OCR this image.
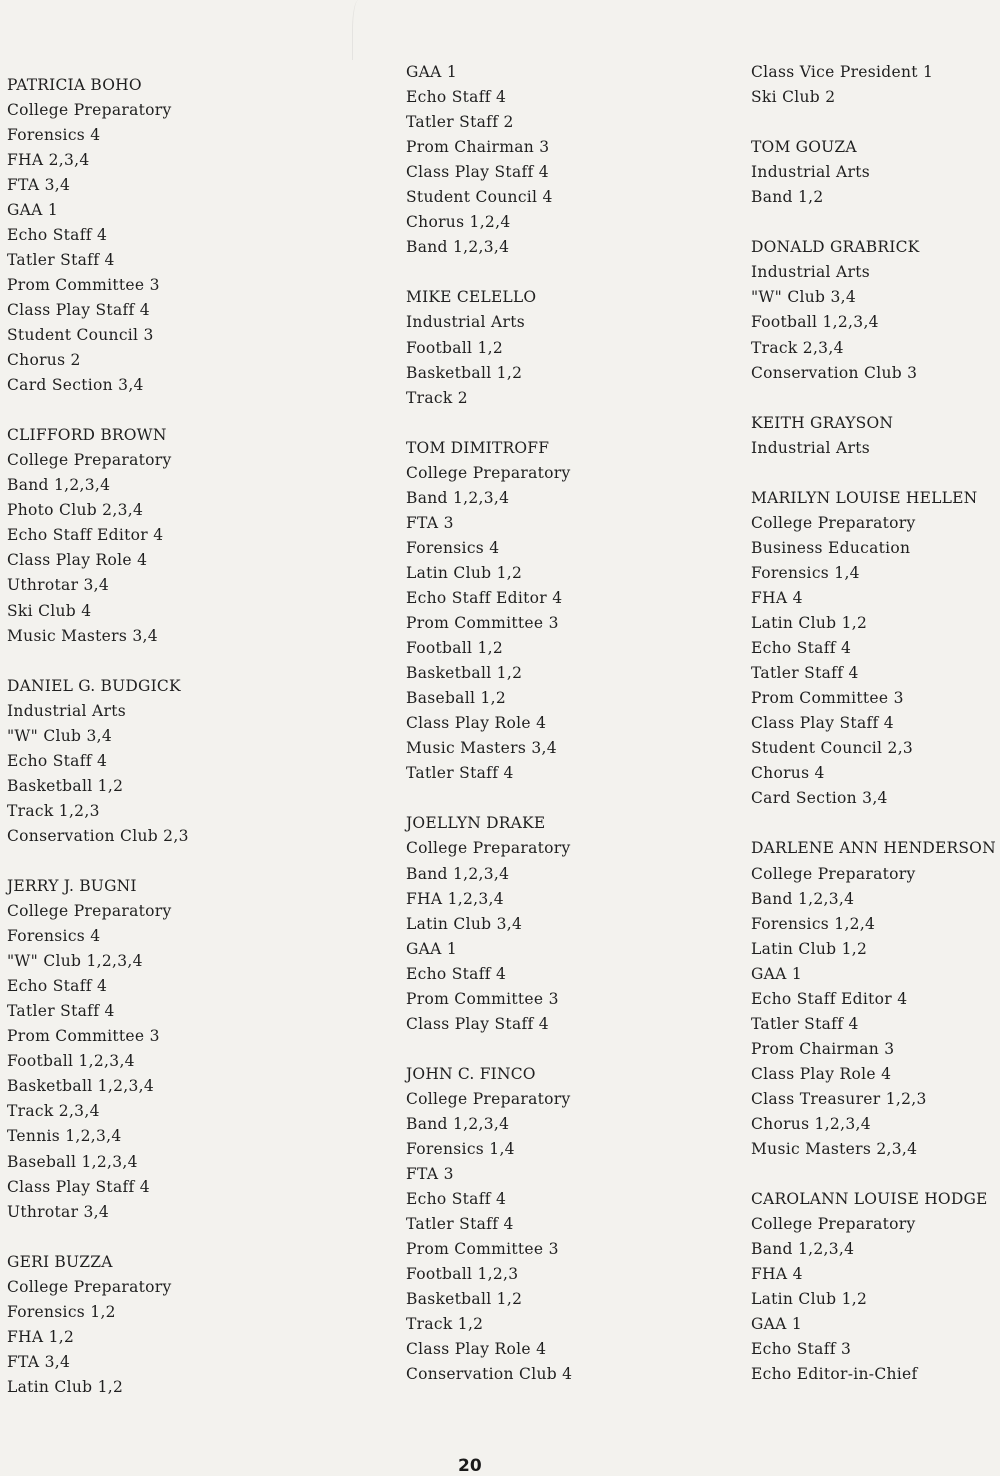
PATRICIA BOHO
College Preparatory
Forensics 4
FHA 2,3,4
FTA 3,4
GAA 1
Echo Staff 4
Tatler Staff 4
Prom Committee 3
Class Play Staff 4
Student Council 3
Chorus 2
Card Section 3,4
CLIFFORD BROWN
College Preparatory
Band 1,2,3,4
Photo Club 2,3,4
Echo Staff Editor 4
Class Play Role 4
Uthrotar 3,4
Ski Club 4
Music Masters 3,4
DANIEL G. BUDGICK
Industrial Arts
"W" Club 3,4
Echo Staff 4
Basketball 1,2
Track 1,2,3
Conservation Club 2,3
JERRY J. BUGNI
College Preparatory
Forensics 4
"W" Club 1,2,3,4
Echo Staff 4
Tatler Staff 4
Prom Committee 3
Football 1,2,3,4
Basketball 1,2,3,4
Track 2,3,4
Tennis 1,2,3,4
Baseball 1,2,3,4
Class Play Staff 4
Uthrotar 3,4
GERI BUZZA
College Preparatory
Forensics 1,2
FHA 1,2
FTA 3,4
Latin Club 1,2
GAA 1
Echo Staff 4
Tatler Staff 2
Prom Chairman 3
Class Play Staff 4
Student Council 4
Chorus 1,2,4
Band 1,2,3,4
MIKE CELELLO
Industrial Arts
Football 1,2
Basketball 1,2
Track 2
TOM DIMITROFF
College Preparatory
Band 1,2,3,4
FTA 3
Forensics 4
Latin Club 1,2
Echo Staff Editor 4
Prom Committee 3
Football 1,2
Basketball 1,2
Baseball 1,2
Class Play Role 4
Music Masters 3,4
Tatler Staff 4
JOELLYN DRAKE
College Preparatory
Band 1,2,3,4
FHA 1,2,3,4
Latin Club 3,4
GAA 1
Echo Staff 4
Prom Committee 3
Class Play Staff 4
JOHN C. FINCO
College Preparatory
Band 1,2,3,4
Forensics 1,4
FTA 3
Echo Staff 4
Tatler Staff 4
Prom Committee 3
Football 1,2,3
Basketball 1,2
Track 1,2
Class Play Role 4
Conservation Club 4
Class Vice President 1
Ski Club 2
TOM GOUZA
Industrial Arts
Band 1,2
DONALD GRABRICK
Industrial Arts
"W" Club 3,4
Football 1,2,3,4
Track 2,3,4
Conservation Club 3
KEITH GRAYSON
Industrial Arts
MARILYN LOUISE HELLEN
College Preparatory
Business Education
Forensics 1,4
FHA 4
Latin Club 1,2
Echo Staff 4
Tatler Staff 4
Prom Committee 3
Class Play Staff 4
Student Council 2,3
Chorus 4
Card Section 3,4
DARLENE ANN HENDERSON
College Preparatory
Band 1,2,3,4
Forensics 1,2,4
Latin Club 1,2
GAA 1
Echo Staff Editor 4
Tatler Staff 4
Prom Chairman 3
Class Play Role 4
Class Treasurer 1,2,3
Chorus 1,2,3,4
Music Masters 2,3,4
CAROLANN LOUISE HODGE
College Preparatory
Band 1,2,3,4
FHA 4
Latin Club 1,2
GAA 1
Echo Staff 3
Echo Editor-in-Chief
20
